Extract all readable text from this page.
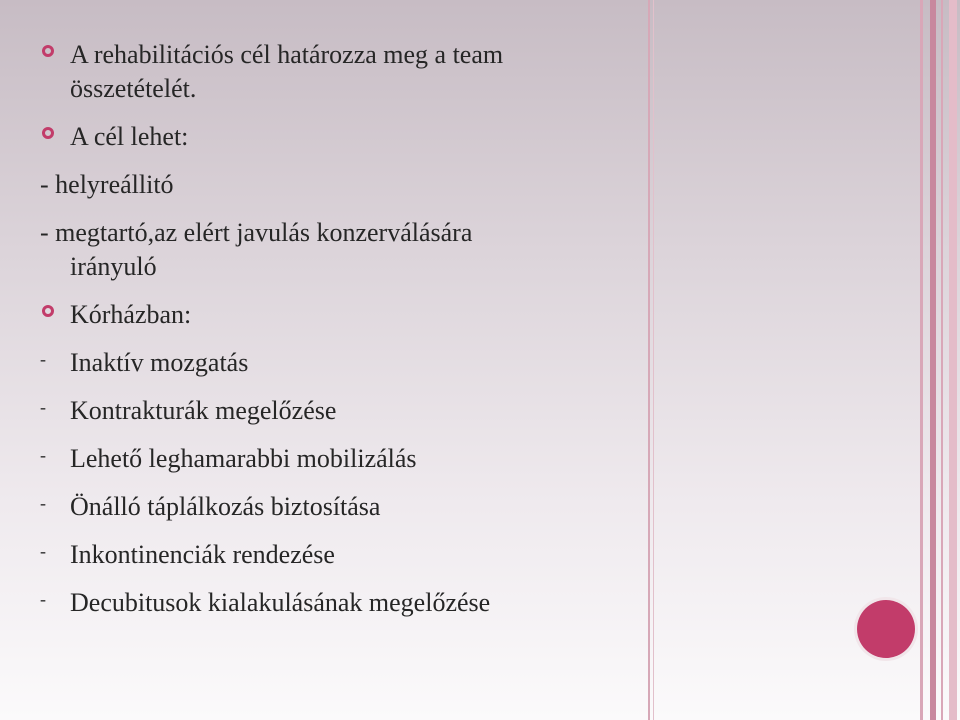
A rehabilitációs cél határozza meg a team
összetételét.
A cél lehet:
- helyreállitó
- megtartó,az elért javulás konzerválására
irányuló
Kórházban:
- Inaktív mozgatás
- Kontrakturák megelőzése
- Lehető leghamarabbi mobilizálás
- Önálló táplálkozás biztosítása
- Inkontinenciák rendezése
- Decubitusok kialakulásának megelőzése
